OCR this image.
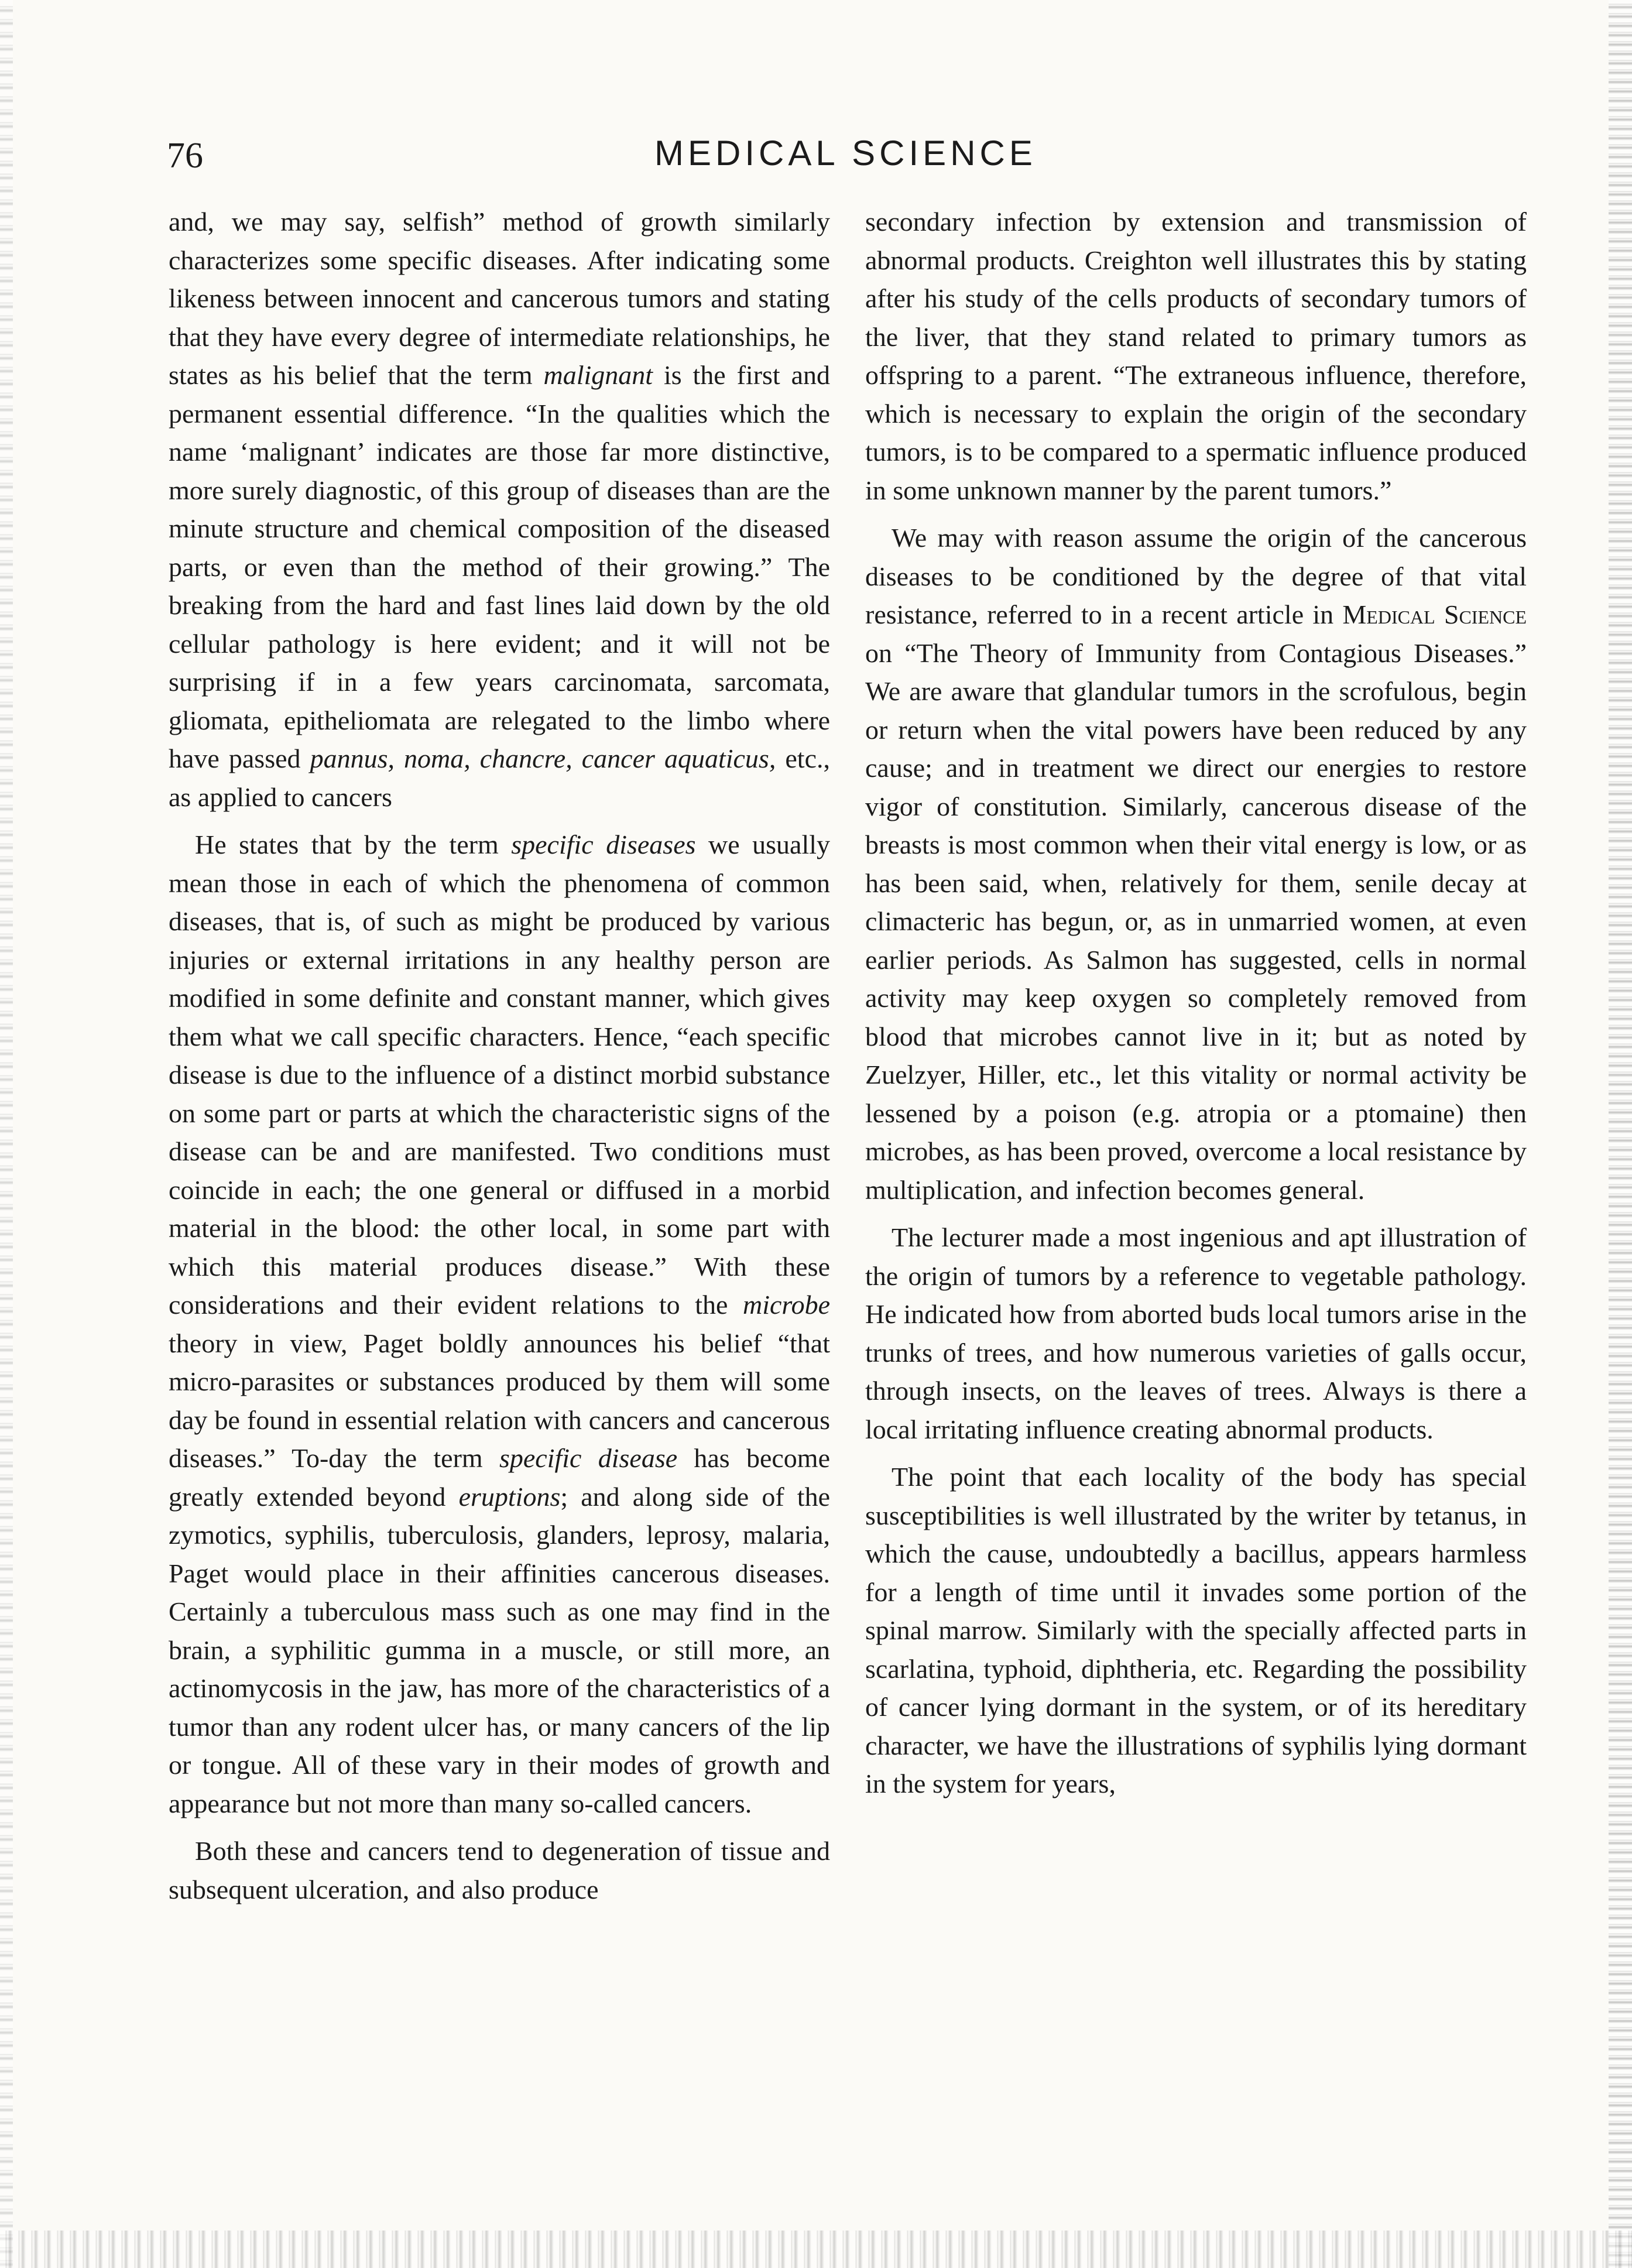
76	MEDICAL SCIENCE

and, we may say, selfish” method of growth similarly characterizes some specific diseases. After indicating some likeness between innocent and cancerous tumors and stating that they have every degree of intermediate relationships, he states as his belief that the term malignant is the first and permanent essential difference. “In the qualities which the name ‘malignant’ indicates are those far more distinctive, more surely diagnostic, of this group of diseases than are the minute structure and chemical composition of the diseased parts, or even than the method of their growing.” The breaking from the hard and fast lines laid down by the old cellular pathology is here evident; and it will not be surprising if in a few years carcinomata, sarcomata, gliomata, epitheliomata are relegated to the limbo where have passed pannus, noma, chancre, cancer aquaticus, etc., as applied to cancers

He states that by the term specific diseases we usually mean those in each of which the phenomena of common diseases, that is, of such as might be produced by various injuries or external irritations in any healthy person are modified in some definite and constant manner, which gives them what we call specific characters. Hence, “each specific disease is due to the influence of a distinct morbid substance on some part or parts at which the characteristic signs of the disease can be and are manifested. Two conditions must coincide in each; the one general or diffused in a morbid material in the blood: the other local, in some part with which this material produces disease.” With these considerations and their evident relations to the microbe theory in view, Paget boldly announces his belief “that micro-parasites or substances produced by them will some day be found in essential relation with cancers and cancerous diseases.” To-day the term specific disease has become greatly extended beyond eruptions; and along side of the zymotics, syphilis, tuberculosis, glanders, leprosy, malaria, Paget would place in their affinities cancerous diseases. Certainly a tuberculous mass such as one may find in the brain, a syphilitic gumma in a muscle, or still more, an actinomycosis in the jaw, has more of the characteristics of a tumor than any rodent ulcer has, or many cancers of the lip or tongue. All of these vary in their modes of growth and appearance but not more than many so-called cancers.

Both these and cancers tend to degeneration of tissue and subsequent ulceration, and also produce

secondary infection by extension and transmission of abnormal products. Creighton well illustrates this by stating after his study of the cells products of secondary tumors of the liver, that they stand related to primary tumors as offspring to a parent. “The extraneous influence, therefore, which is necessary to explain the origin of the secondary tumors, is to be compared to a spermatic influence produced in some unknown manner by the parent tumors.”

We may with reason assume the origin of the cancerous diseases to be conditioned by the degree of that vital resistance, referred to in a recent article in Medical Science on “The Theory of Immunity from Contagious Diseases.” We are aware that glandular tumors in the scrofulous, begin or return when the vital powers have been reduced by any cause; and in treatment we direct our energies to restore vigor of constitution. Similarly, cancerous disease of the breasts is most common when their vital energy is low, or as has been said, when, relatively for them, senile decay at climacteric has begun, or, as in unmarried women, at even earlier periods. As Salmon has suggested, cells in normal activity may keep oxygen so completely removed from blood that microbes cannot live in it; but as noted by Zuelzyer, Hiller, etc., let this vitality or normal activity be lessened by a poison (e.g. atropia or a ptomaine) then microbes, as has been proved, overcome a local resistance by multiplication, and infection becomes general.

The lecturer made a most ingenious and apt illustration of the origin of tumors by a reference to vegetable pathology. He indicated how from aborted buds local tumors arise in the trunks of trees, and how numerous varieties of galls occur, through insects, on the leaves of trees. Always is there a local irritating influence creating abnormal products.

The point that each locality of the body has special susceptibilities is well illustrated by the writer by tetanus, in which the cause, undoubtedly a bacillus, appears harmless for a length of time until it invades some portion of the spinal marrow. Similarly with the specially affected parts in scarlatina, typhoid, diphtheria, etc. Regarding the possibility of cancer lying dormant in the system, or of its hereditary character, we have the illustrations of syphilis lying dormant in the system for years,
